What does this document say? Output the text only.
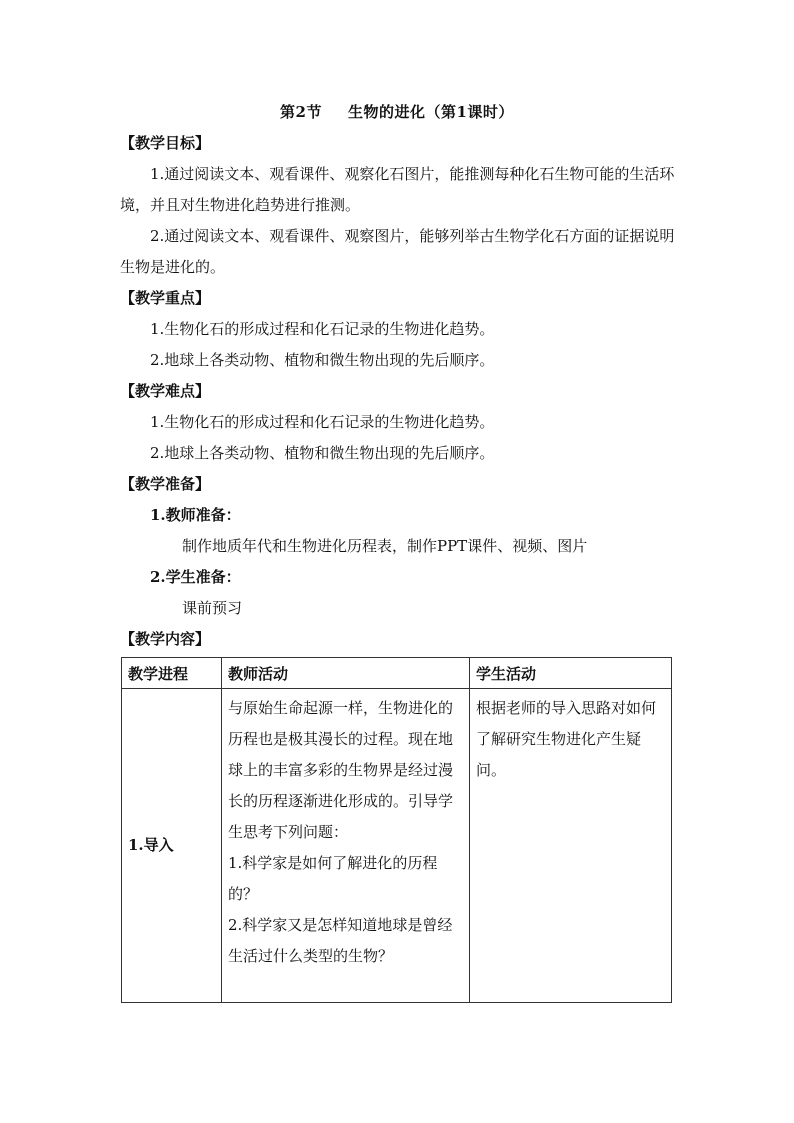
第2节 生物的进化（第1课时）
【教学目标】
1.通过阅读文本、观看课件、观察化石图片，能推测每种化石生物可能的生活环境，并且对生物进化趋势进行推测。
2.通过阅读文本、观看课件、观察图片，能够列举古生物学化石方面的证据说明生物是进化的。
【教学重点】
1.生物化石的形成过程和化石记录的生物进化趋势。
2.地球上各类动物、植物和微生物出现的先后顺序。
【教学难点】
1.生物化石的形成过程和化石记录的生物进化趋势。
2.地球上各类动物、植物和微生物出现的先后顺序。
【教学准备】
1.教师准备：
制作地质年代和生物进化历程表，制作PPT课件、视频、图片
2.学生准备：
课前预习
【教学内容】
教学进程	教师活动	学生活动
1.导入	与原始生命起源一样，生物进化的历程也是极其漫长的过程。现在地球上的丰富多彩的生物界是经过漫长的历程逐渐进化形成的。引导学生思考下列问题：
1.科学家是如何了解进化的历程的？
2.科学家又是怎样知道地球是曾经生活过什么类型的生物？	根据老师的导入思路对如何了解研究生物进化产生疑问。
